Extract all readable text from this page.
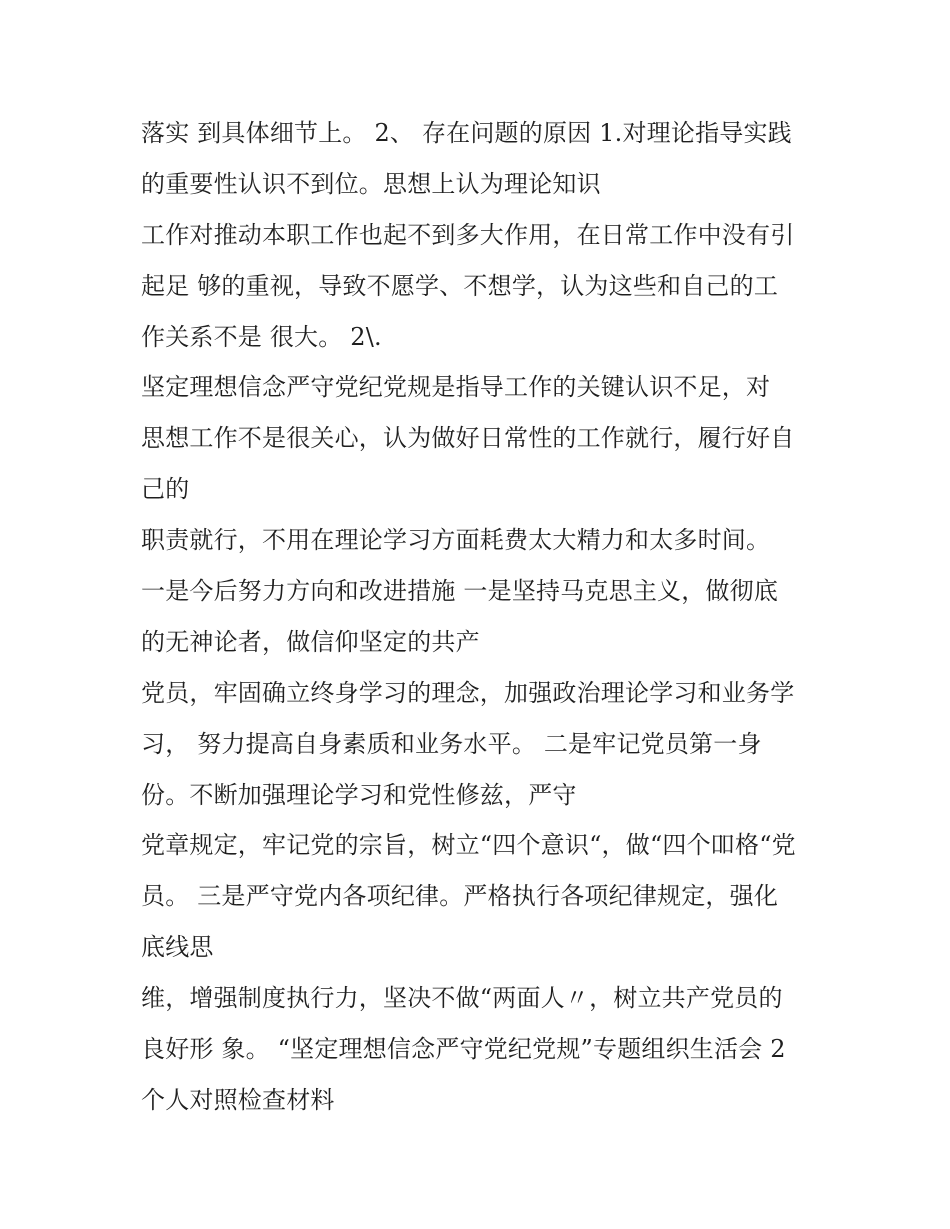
落实 到具体细节上。 2、 存在问题的原因 1.对理论指导实践
的重要性认识不到位。思想上认为理论知识
工作对推动本职工作也起不到多大作用，在日常工作中没有引
起足 够的重视，导致不愿学、不想学，认为这些和自己的工
作关系不是 很大。 2\.
坚定理想信念严守党纪党规是指导工作的关键认识不足，对
思想工作不是很关心，认为做好日常性的工作就行，履行好自
己的
职责就行，不用在理论学习方面耗费太大精力和太多时间。
一是今后努力方向和改进措施 一是坚持马克思主义，做彻底
的无神论者，做信仰坚定的共产
党员，牢固确立终身学习的理念，加强政治理论学习和业务学
习， 努力提高自身素质和业务水平。 二是牢记党员第一身
份。不断加强理论学习和党性修兹，严守
党章规定，牢记党的宗旨，树立“四个意识“，做“四个吅格“党
员。 三是严守党内各项纪律。严格执行各项纪律规定，强化
底线思
维，增强制度执行力，坚决不做“两面人〃，树立共产党员的
良好形 象。 “坚定理想信念严守党纪党规”专题组织生活会 2
个人对照检查材料
